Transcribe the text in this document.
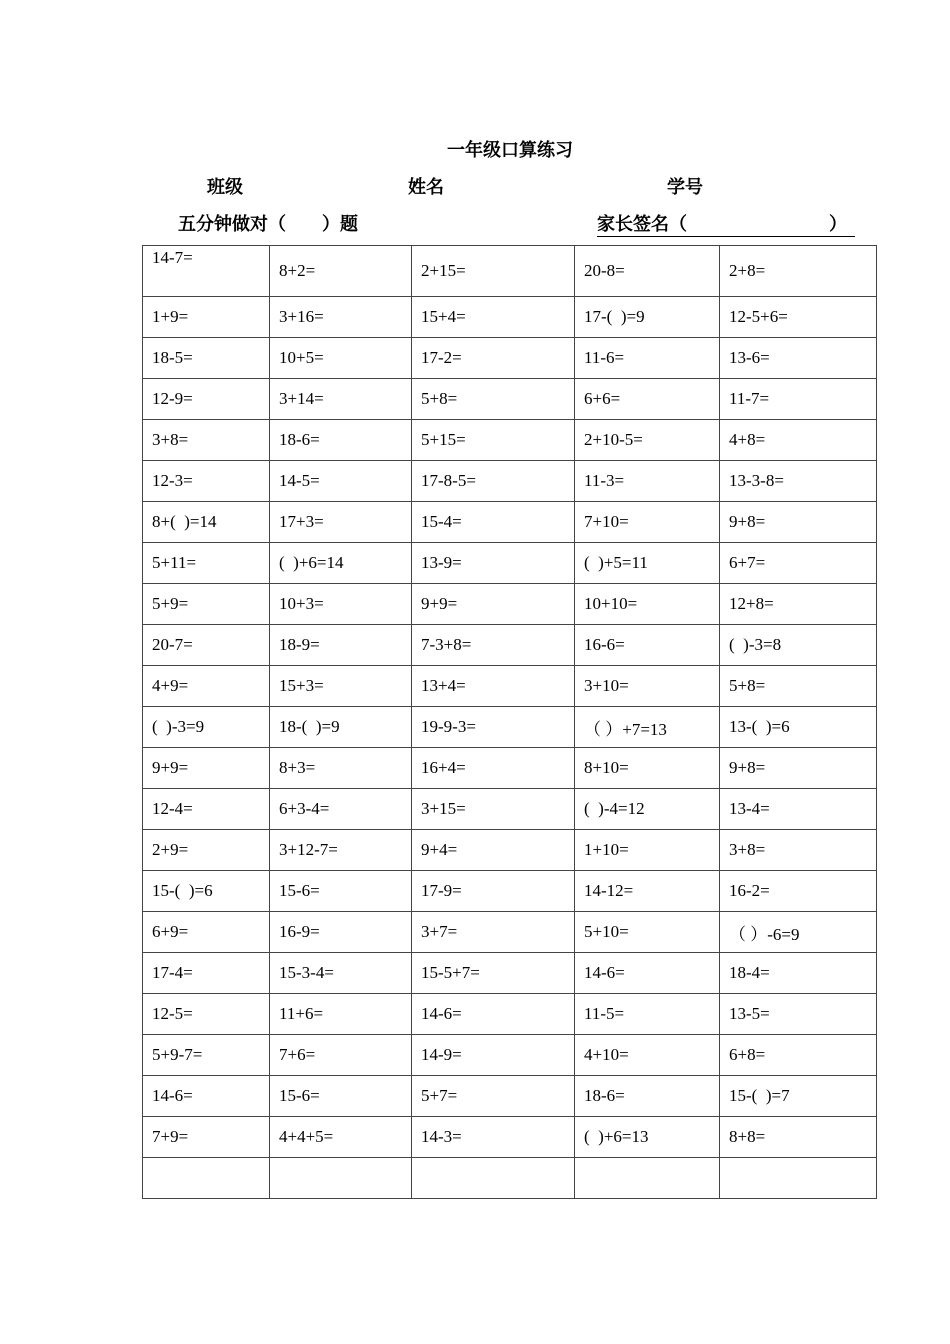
一年级口算练习
班级	姓名	学号
五分钟做对（        ）题	家长签名（	）
14-7=	8+2=	2+15=	20-8=	2+8=
1+9=	3+16=	15+4=	17-(  )=9	12-5+6=
18-5=	10+5=	17-2=	11-6=	13-6=
12-9=	3+14=	5+8=	6+6=	11-7=
3+8=	18-6=	5+15=	2+10-5=	4+8=
12-3=	14-5=	17-8-5=	11-3=	13-3-8=
8+(  )=14	17+3=	15-4=	7+10=	9+8=
5+11=	(  )+6=14	13-9=	(  )+5=11	6+7=
5+9=	10+3=	9+9=	10+10=	12+8=
20-7=	18-9=	7-3+8=	16-6=	(  )-3=8
4+9=	15+3=	13+4=	3+10=	5+8=
(  )-3=9	18-(  )=9	19-9-3=	（ ）+7=13	13-(  )=6
9+9=	8+3=	16+4=	8+10=	9+8=
12-4=	6+3-4=	3+15=	(  )-4=12	13-4=
2+9=	3+12-7=	9+4=	1+10=	3+8=
15-(  )=6	15-6=	17-9=	14-12=	16-2=
6+9=	16-9=	3+7=	5+10=	（ ）-6=9
17-4=	15-3-4=	15-5+7=	14-6=	18-4=
12-5=	11+6=	14-6=	11-5=	13-5=
5+9-7=	7+6=	14-9=	4+10=	6+8=
14-6=	15-6=	5+7=	18-6=	15-(  )=7
7+9=	4+4+5=	14-3=	(  )+6=13	8+8=
